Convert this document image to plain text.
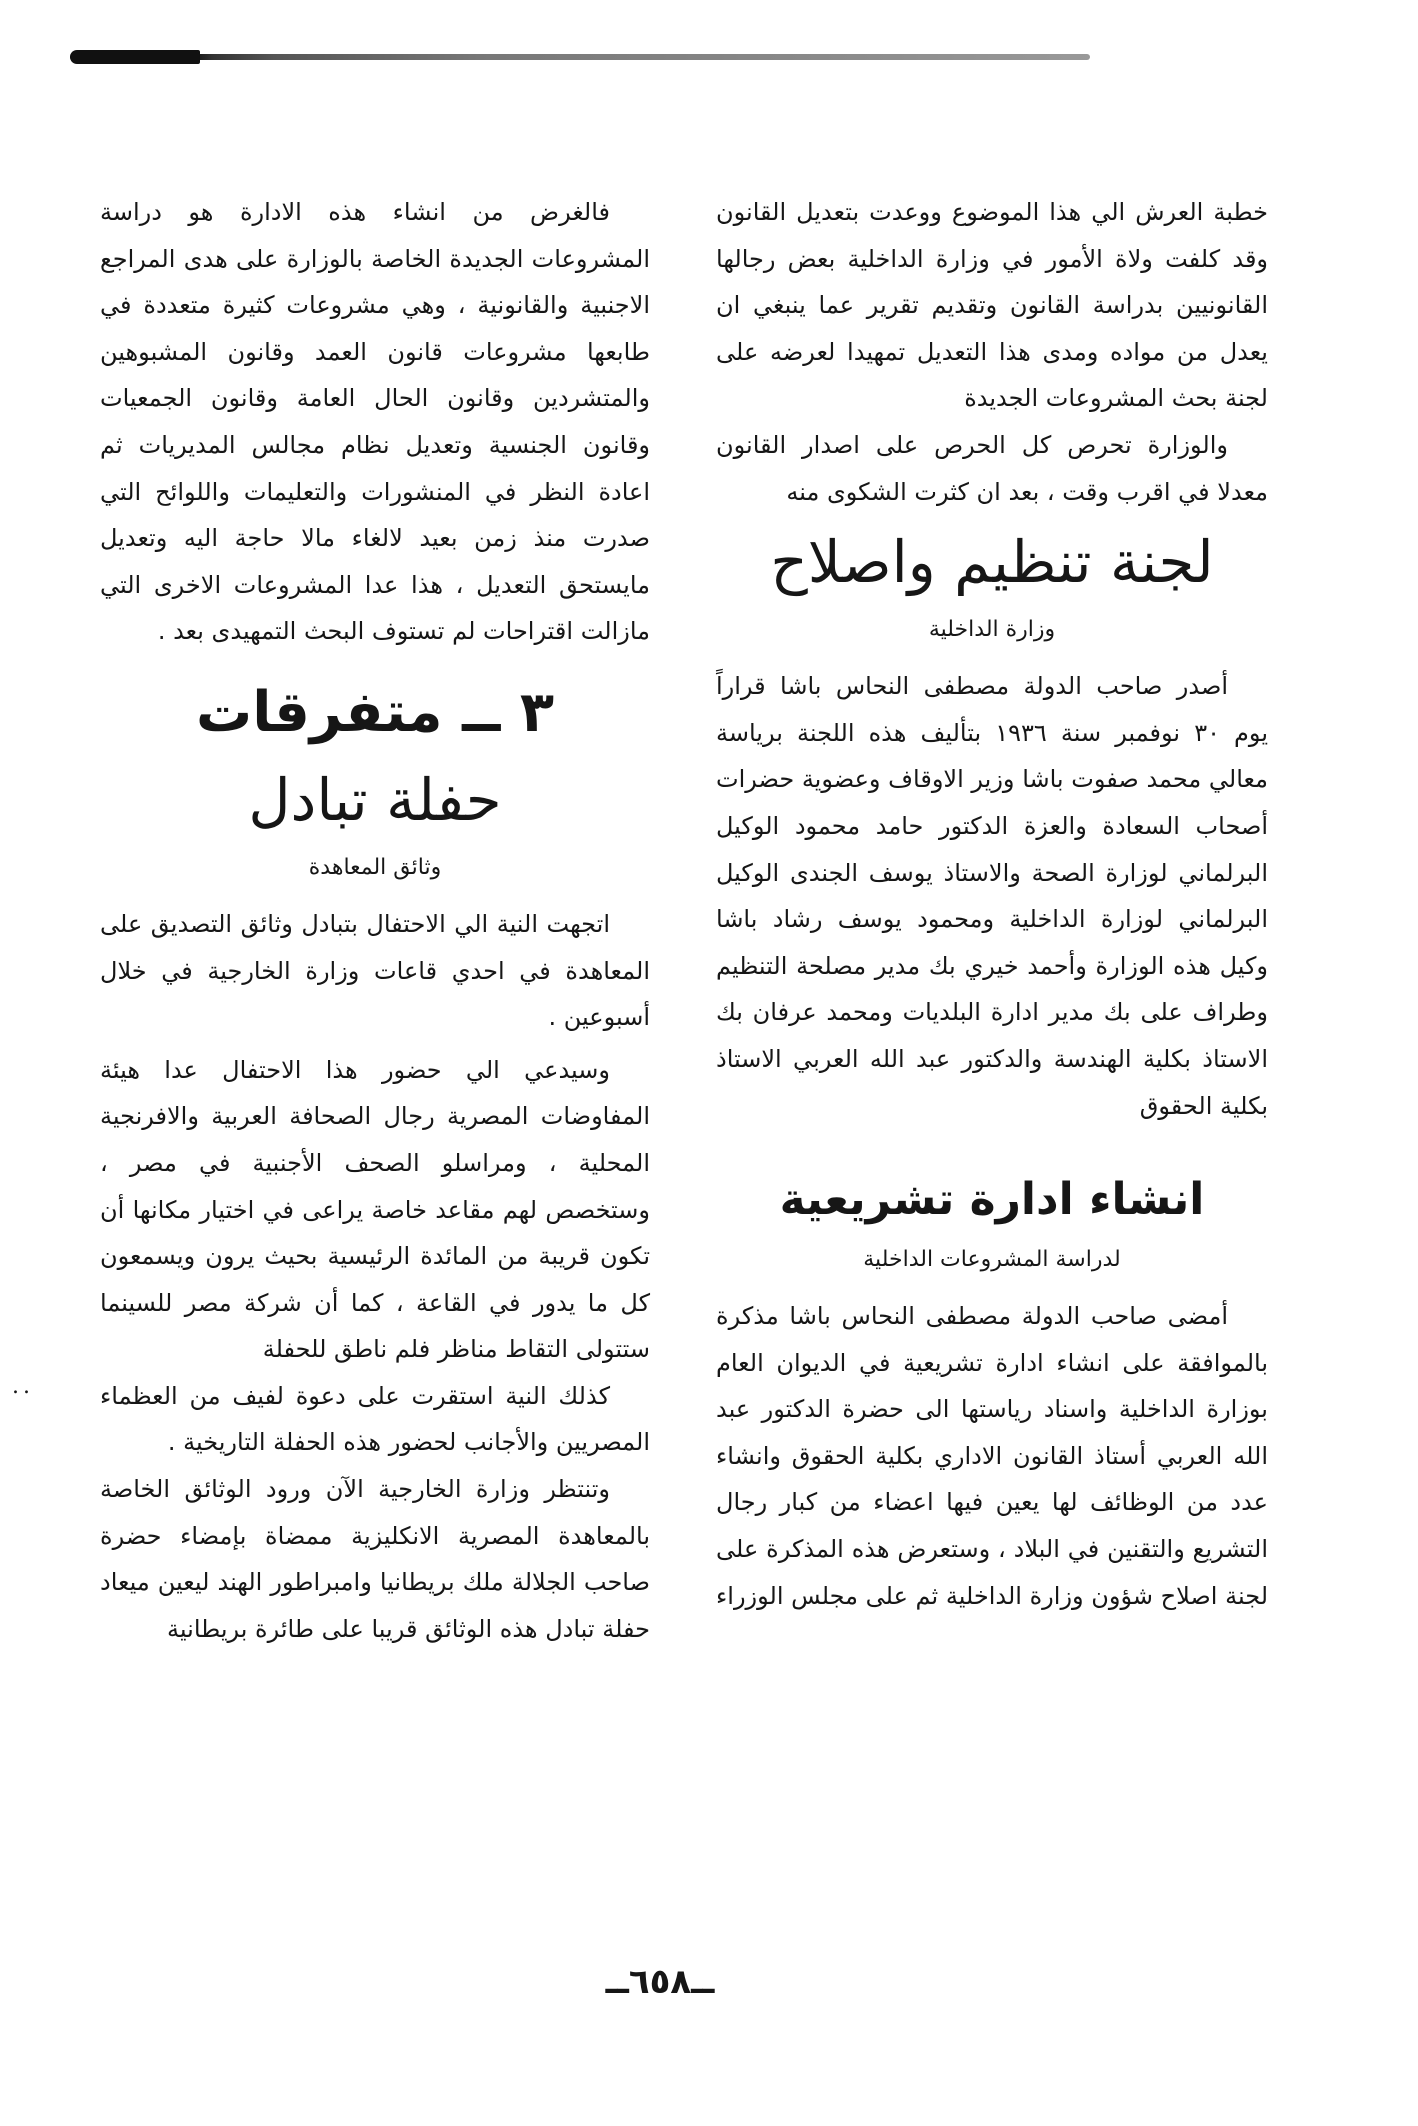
..

خطبة العرش الي هذا الموضوع ووعدت بتعديل القانون وقد كلفت ولاة الأمور في وزارة الداخلية بعض رجالها القانونيين بدراسة القانون وتقديم تقرير عما ينبغي ان يعدل من مواده ومدى هذا التعديل تمهيدا لعرضه على لجنة بحث المشروعات الجديدة

والوزارة تحرص كل الحرص على اصدار القانون معدلا في اقرب وقت ، بعد ان كثرت الشكوى منه

لجنة تنظيم واصلاح
وزارة الداخلية

أصدر صاحب الدولة مصطفى النحاس باشا قراراً يوم ٣٠ نوفمبر سنة ١٩٣٦ بتأليف هذه اللجنة برياسة معالي محمد صفوت باشا وزير الاوقاف وعضوية حضرات أصحاب السعادة والعزة الدكتور حامد محمود الوكيل البرلماني لوزارة الصحة والاستاذ يوسف الجندى الوكيل البرلماني لوزارة الداخلية ومحمود يوسف رشاد باشا وكيل هذه الوزارة وأحمد خيري بك مدير مصلحة التنظيم وطراف على بك مدير ادارة البلديات ومحمد عرفان بك الاستاذ بكلية الهندسة والدكتور عبد الله العربي الاستاذ بكلية الحقوق

انشاء ادارة تشريعية
لدراسة المشروعات الداخلية

أمضى صاحب الدولة مصطفى النحاس باشا مذكرة بالموافقة على انشاء ادارة تشريعية في الديوان العام بوزارة الداخلية واسناد رياستها الى حضرة الدكتور عبد الله العربي أستاذ القانون الاداري بكلية الحقوق وانشاء عدد من الوظائف لها يعين فيها اعضاء من كبار رجال التشريع والتقنين في البلاد ، وستعرض هذه المذكرة على لجنة اصلاح شؤون وزارة الداخلية ثم على مجلس الوزراء

فالغرض من انشاء هذه الادارة هو دراسة المشروعات الجديدة الخاصة بالوزارة على هدى المراجع الاجنبية والقانونية ، وهي مشروعات كثيرة متعددة في طابعها مشروعات قانون العمد وقانون المشبوهين والمتشردين وقانون الحال العامة وقانون الجمعيات وقانون الجنسية وتعديل نظام مجالس المديريات ثم اعادة النظر في المنشورات والتعليمات واللوائح التي صدرت منذ زمن بعيد لالغاء مالا حاجة اليه وتعديل مايستحق التعديل ، هذا عدا المشروعات الاخرى التي مازالت اقتراحات لم تستوف البحث التمهيدى بعد .

٣ ــ متفرقات
حفلة تبادل
وثائق المعاهدة

اتجهت النية الي الاحتفال بتبادل وثائق التصديق على المعاهدة في احدي قاعات وزارة الخارجية في خلال أسبوعين .

وسيدعي الي حضور هذا الاحتفال عدا هيئة المفاوضات المصرية رجال الصحافة العربية والافرنجية المحلية ، ومراسلو الصحف الأجنبية في مصر ، وستخصص لهم مقاعد خاصة يراعى في اختيار مكانها أن تكون قريبة من المائدة الرئيسية بحيث يرون ويسمعون كل ما يدور في القاعة ، كما أن شركة مصر للسينما ستتولى التقاط مناظر فلم ناطق للحفلة

كذلك النية استقرت على دعوة لفيف من العظماء المصريين والأجانب لحضور هذه الحفلة التاريخية .

وتنتظر وزارة الخارجية الآن ورود الوثائق الخاصة بالمعاهدة المصرية الانكليزية ممضاة بإمضاء حضرة صاحب الجلالة ملك بريطانيا وامبراطور الهند ليعين ميعاد حفلة تبادل هذه الوثائق قريبا على طائرة بريطانية

ــ٦٥٨ــ
